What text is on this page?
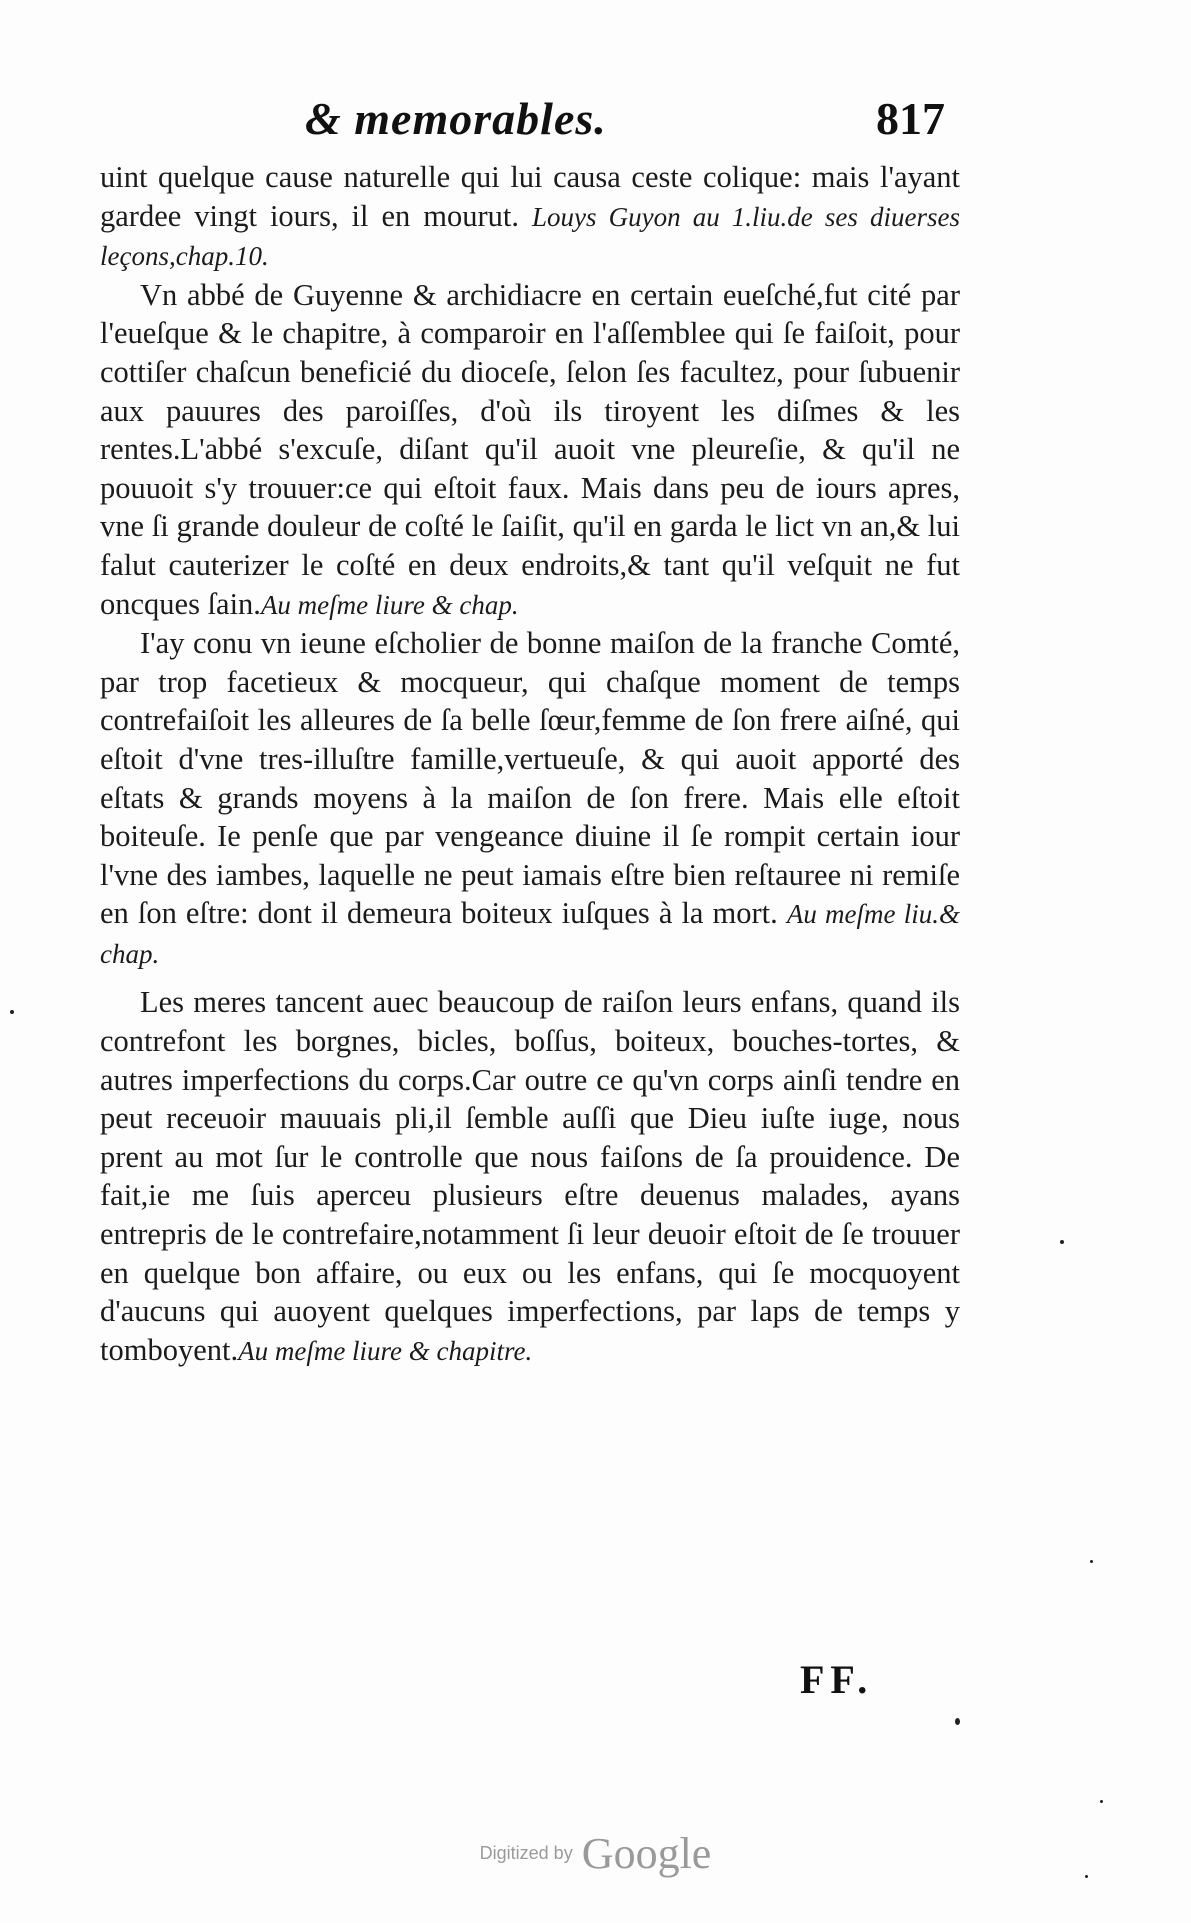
& memorables.	817

uint quelque cause naturelle qui lui causa ceste colique: mais l'ayant gardee vingt iours, il en mourut. Louys Guyon au 1.liu.de ses diuerses leçons,chap.10.

Vn abbé de Guyenne & archidiacre en certain eueſché,fut cité par l'eueſque & le chapitre, à comparoir en l'aſſemblee qui ſe faiſoit, pour cottiſer chaſcun beneficié du dioceſe, ſelon ſes facultez, pour ſubuenir aux pauures des paroiſſes, d'où ils tiroyent les diſmes & les rentes.L'abbé s'excuſe, diſant qu'il auoit vne pleureſie, & qu'il ne pouuoit s'y trouuer:ce qui eſtoit faux. Mais dans peu de iours apres, vne ſi grande douleur de coſté le ſaiſit, qu'il en garda le lict vn an,& lui falut cauterizer le coſté en deux endroits,& tant qu'il veſquit ne fut oncques ſain.Au meſme liure & chap.

I'ay conu vn ieune eſcholier de bonne maiſon de la franche Comté, par trop facetieux & mocqueur, qui chaſque moment de temps contrefaiſoit les alleures de ſa belle ſœur,femme de ſon frere aiſné, qui eſtoit d'vne tres-illuſtre famille,vertueuſe, & qui auoit apporté des eſtats & grands moyens à la maiſon de ſon frere. Mais elle eſtoit boiteuſe. Ie penſe que par vengeance diuine il ſe rompit certain iour l'vne des iambes, laquelle ne peut iamais eſtre bien reſtauree ni remiſe en ſon eſtre: dont il demeura boiteux iuſques à la mort. Au meſme liu.& chap.

Les meres tancent auec beaucoup de raiſon leurs enfans, quand ils contrefont les borgnes, bicles, boſſus, boiteux, bouches-tortes, & autres imperfections du corps.Car outre ce qu'vn corps ainſi tendre en peut receuoir mauuais pli,il ſemble auſſi que Dieu iuſte iuge, nous prent au mot ſur le controlle que nous faiſons de ſa prouidence. De fait,ie me ſuis aperceu plusieurs eſtre deuenus malades, ayans entrepris de le contrefaire,notamment ſi leur deuoir eſtoit de ſe trouuer en quelque bon affaire, ou eux ou les enfans, qui ſe mocquoyent d'aucuns qui auoyent quelques imperfections, par laps de temps y tomboyent.Au meſme liure & chapitre.

FF.
Digitized by Google
